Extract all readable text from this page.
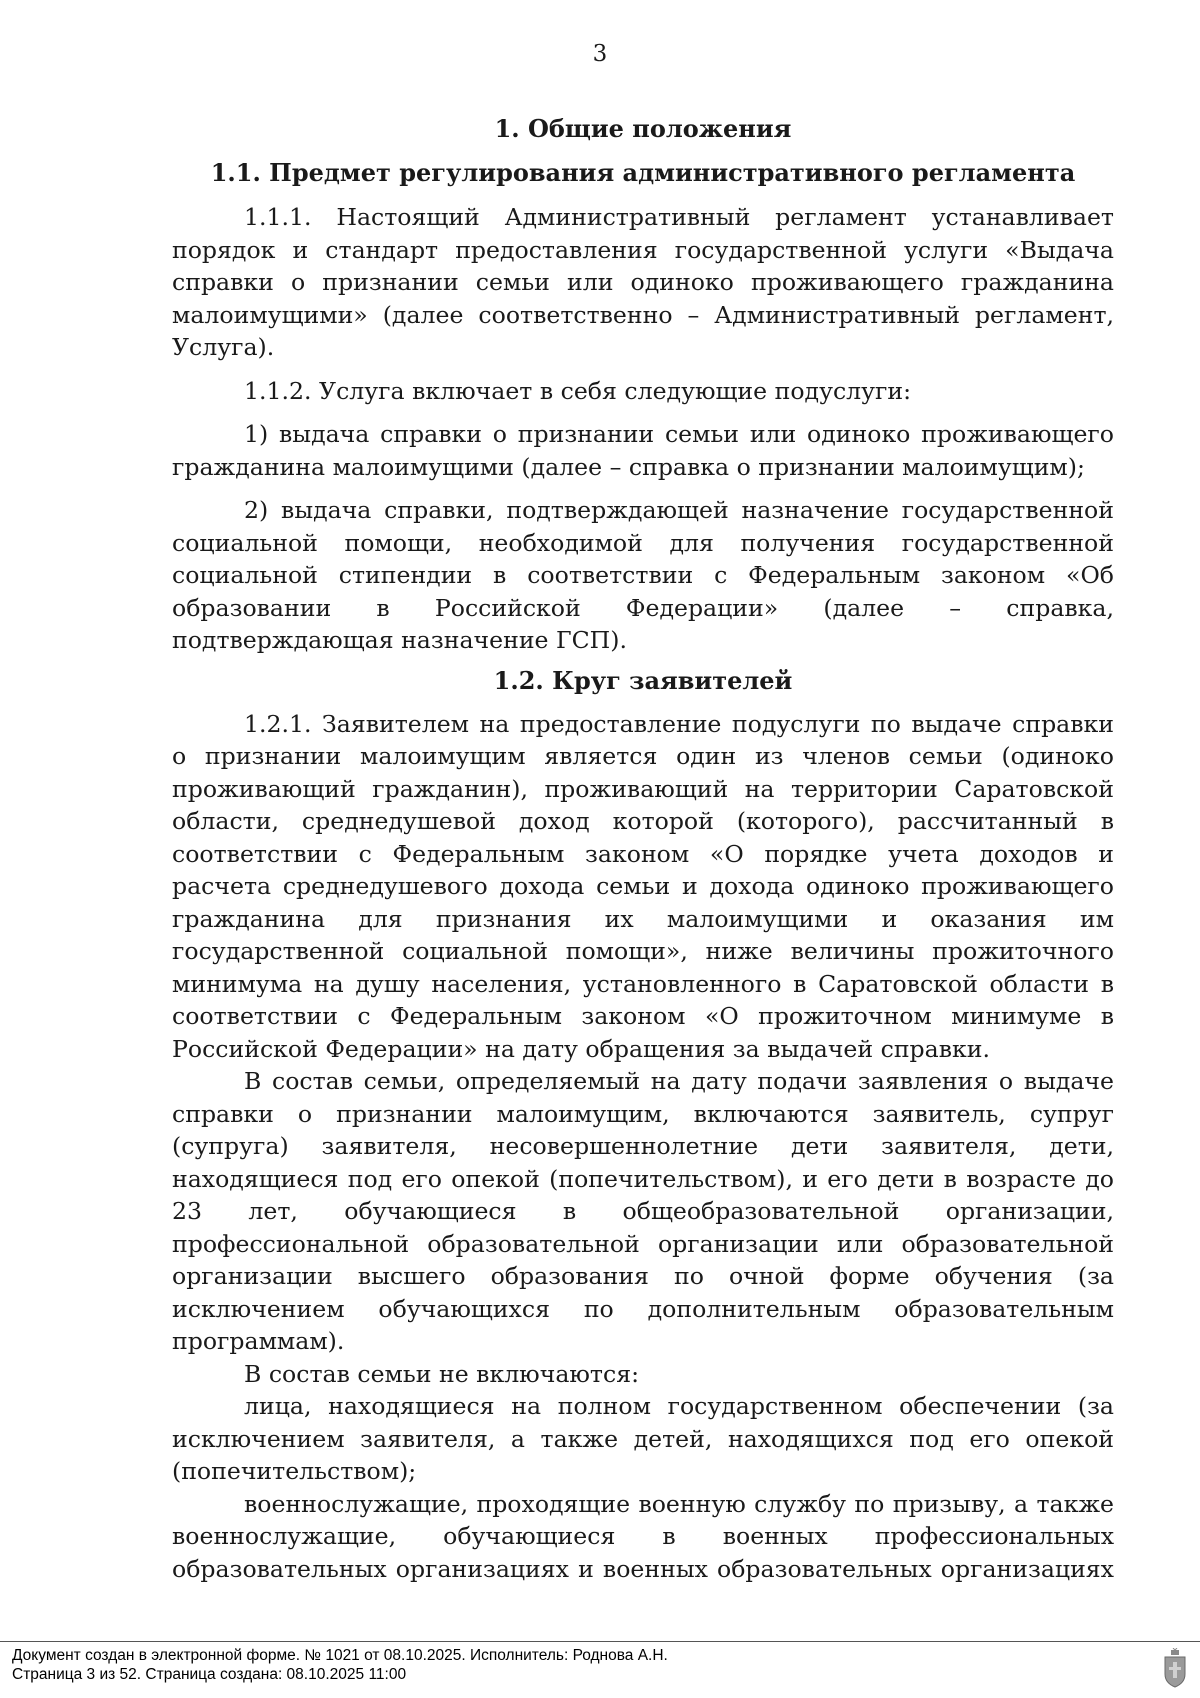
3
1. Общие положения
1.1. Предмет регулирования административного регламента

1.1.1. Настоящий Административный регламент устанавливает порядок и стандарт предоставления государственной услуги «Выдача справки о признании семьи или одиноко проживающего гражданина малоимущими» (далее соответственно – Административный регламент, Услуга).

1.1.2. Услуга включает в себя следующие подуслуги:

1) выдача справки о признании семьи или одиноко проживающего гражданина малоимущими (далее – справка о признании малоимущим);

2) выдача справки, подтверждающей назначение государственной социальной помощи, необходимой для получения государственной социальной стипендии в соответствии с Федеральным законом «Об образовании в Российской Федерации» (далее – справка, подтверждающая назначение ГСП).

1.2. Круг заявителей

1.2.1. Заявителем на предоставление подуслуги по выдаче справки о признании малоимущим является один из членов семьи (одиноко проживающий гражданин), проживающий на территории Саратовской области, среднедушевой доход которой (которого), рассчитанный в соответствии с Федеральным законом «О порядке учета доходов и расчета среднедушевого дохода семьи и дохода одиноко проживающего гражданина для признания их малоимущими и оказания им государственной социальной помощи», ниже величины прожиточного минимума на душу населения, установленного в Саратовской области в соответствии с Федеральным законом «О прожиточном минимуме в Российской Федерации» на дату обращения за выдачей справки.

В состав семьи, определяемый на дату подачи заявления о выдаче справки о признании малоимущим, включаются заявитель, супруг (супруга) заявителя, несовершеннолетние дети заявителя, дети, находящиеся под его опекой (попечительством), и его дети в возрасте до 23 лет, обучающиеся в общеобразовательной организации, профессиональной образовательной организации или образовательной организации высшего образования по очной форме обучения (за исключением обучающихся по дополнительным образовательным программам).

В состав семьи не включаются:

лица, находящиеся на полном государственном обеспечении (за исключением заявителя, а также детей, находящихся под его опекой (попечительством);

военнослужащие, проходящие военную службу по призыву, а также военнослужащие, обучающиеся в военных профессиональных образовательных организациях и военных образовательных организациях

Документ создан в электронной форме. № 1021 от 08.10.2025. Исполнитель: Роднова А.Н.
Страница 3 из 52. Страница создана: 08.10.2025 11:00
